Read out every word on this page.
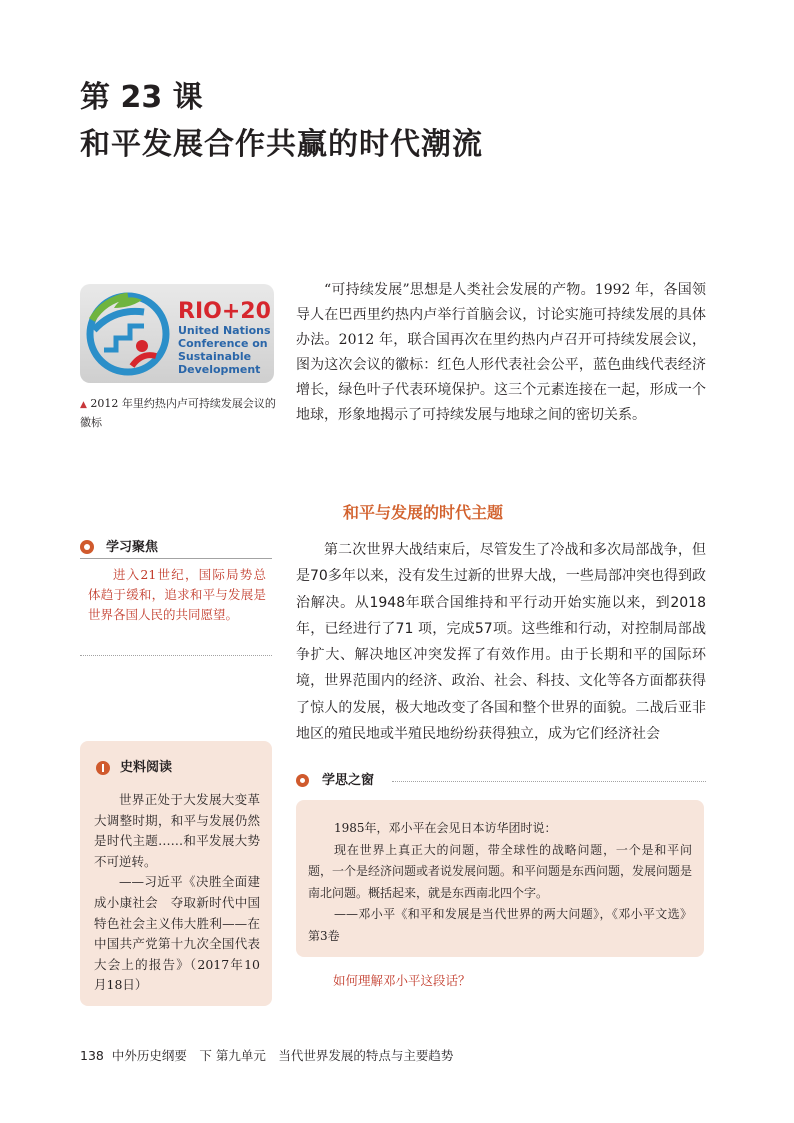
第 23 课
和平发展合作共赢的时代潮流
RIO+20
United Nations
Conference on
Sustainable
Development
▲ 2012 年里约热内卢可持续发展会议的徽标

“可持续发展”思想是人类社会发展的产物。1992 年，各国领导人在巴西里约热内卢举行首脑会议，讨论实施可持续发展的具体办法。2012 年，联合国再次在里约热内卢召开可持续发展会议，图为这次会议的徽标：红色人形代表社会公平，蓝色曲线代表经济增长，绿色叶子代表环境保护。这三个元素连接在一起，形成一个地球，形象地揭示了可持续发展与地球之间的密切关系。

和平与发展的时代主题

第二次世界大战结束后，尽管发生了冷战和多次局部战争，但是70多年以来，没有发生过新的世界大战，一些局部冲突也得到政治解决。从1948年联合国维持和平行动开始实施以来，到2018年，已经进行了71 项，完成57项。这些维和行动，对控制局部战争扩大、解决地区冲突发挥了有效作用。由于长期和平的国际环境，世界范围内的经济、政治、社会、科技、文化等各方面都获得了惊人的发展，极大地改变了各国和整个世界的面貌。二战后亚非地区的殖民地或半殖民地纷纷获得独立，成为它们经济社会

学习聚焦

进入21世纪，国际局势总体趋于缓和，追求和平与发展是世界各国人民的共同愿望。

史料阅读

世界正处于大发展大变革大调整时期，和平与发展仍然是时代主题……和平发展大势不可逆转。

——习近平《决胜全面建成小康社会　夺取新时代中国特色社会主义伟大胜利——在中国共产党第十九次全国代表大会上的报告》（2017年10月18日）

学思之窗

1985年，邓小平在会见日本访华团时说：

现在世界上真正大的问题，带全球性的战略问题，一个是和平问题，一个是经济问题或者说发展问题。和平问题是东西问题，发展问题是南北问题。概括起来，就是东西南北四个字。

——邓小平《和平和发展是当代世界的两大问题》，《邓小平文选》第3卷

如何理解邓小平这段话？
138 中外历史纲要　下 第九单元　当代世界发展的特点与主要趋势
